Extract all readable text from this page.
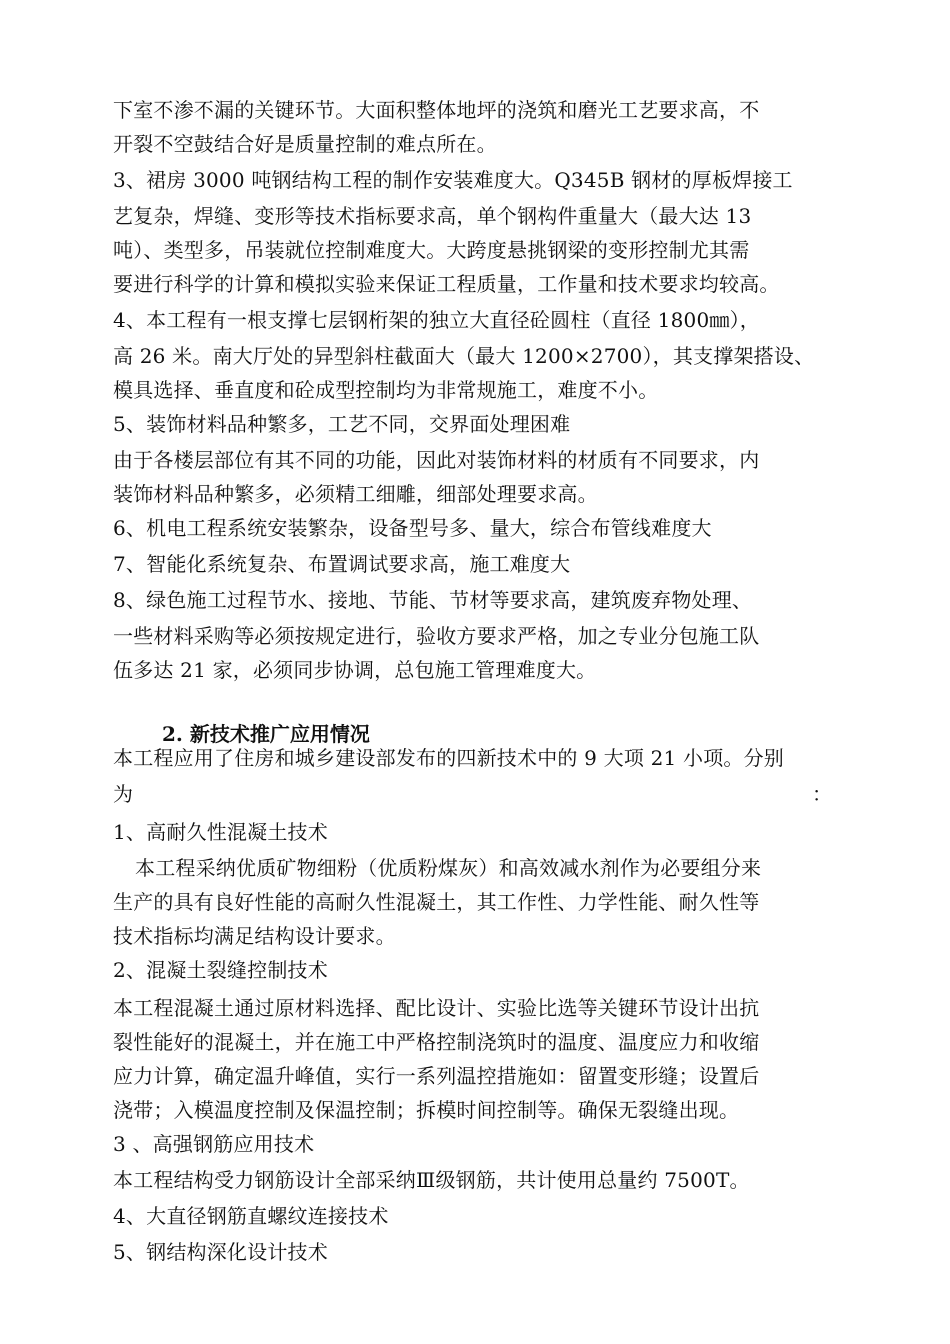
下室不渗不漏的关键环节。大面积整体地坪的浇筑和磨光工艺要求高，不
开裂不空鼓结合好是质量控制的难点所在。
3、裙房 3000 吨钢结构工程的制作安装难度大。Q345B 钢材的厚板焊接工
艺复杂，焊缝、变形等技术指标要求高，单个钢构件重量大（最大达 13
吨）、类型多，吊装就位控制难度大。大跨度悬挑钢梁的变形控制尤其需
要进行科学的计算和模拟实验来保证工程质量，工作量和技术要求均较高。
4、本工程有一根支撑七层钢桁架的独立大直径砼圆柱（直径 1800㎜），
高 26 米。南大厅处的异型斜柱截面大（最大 1200×2700），其支撑架搭设、
模具选择、垂直度和砼成型控制均为非常规施工，难度不小。
5、装饰材料品种繁多，工艺不同，交界面处理困难
由于各楼层部位有其不同的功能，因此对装饰材料的材质有不同要求，内
装饰材料品种繁多，必须精工细雕，细部处理要求高。
6、机电工程系统安装繁杂，设备型号多、量大，综合布管线难度大
7、智能化系统复杂、布置调试要求高，施工难度大
8、绿色施工过程节水、接地、节能、节材等要求高，建筑废弃物处理、
一些材料采购等必须按规定进行，验收方要求严格，加之专业分包施工队
伍多达 21 家，必须同步协调，总包施工管理难度大。
2. 新技术推广应用情况
本工程应用了住房和城乡建设部发布的四新技术中的 9 大项 21 小项。分别
为	：
1、高耐久性混凝土技术
本工程采纳优质矿物细粉（优质粉煤灰）和高效减水剂作为必要组分来
生产的具有良好性能的高耐久性混凝土，其工作性、力学性能、耐久性等
技术指标均满足结构设计要求。
2、混凝土裂缝控制技术
本工程混凝土通过原材料选择、配比设计、实验比选等关键环节设计出抗
裂性能好的混凝土，并在施工中严格控制浇筑时的温度、温度应力和收缩
应力计算，确定温升峰值，实行一系列温控措施如：留置变形缝；设置后
浇带；入模温度控制及保温控制；拆模时间控制等。确保无裂缝出现。
3 、高强钢筋应用技术
本工程结构受力钢筋设计全部采纳Ⅲ级钢筋，共计使用总量约 7500T。
4、大直径钢筋直螺纹连接技术
5、钢结构深化设计技术
